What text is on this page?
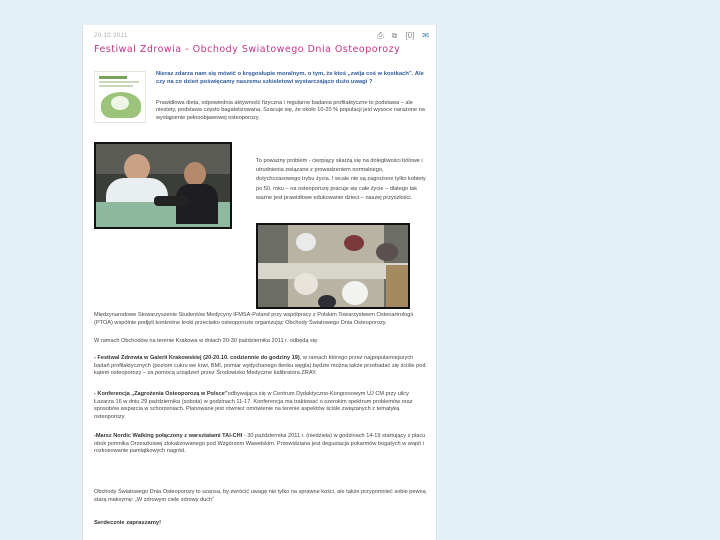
20.10.2011	⎙ ⧉ [0] ✉
Festiwal Zdrowia - Obchody Światowego Dnia Osteoporozy
Nieraz zdarza nam się mówić o kręgosłupie moralnym, o tym, że ktoś „zwija coś w kostkach”. Ale czy na co dzień poświęcamy naszemu szkieletowi wystarczająco dużo uwagi ?
Prawidłowa dieta, odpowiednia aktywność fizyczna i regularne badania profilaktyczne to podstawa – ale niestety, podstawa często bagatelizowana. Szacuje się, że około 10-20 % populacji jest wysoce narażone na wystąpienie pełnoobjawowej osteoporozy.
To poważny problem - cierpiący skarżą się na dolegliwości bólowe i utrudnienia związane z prowadzeniem normalnego, dotychczasowego trybu życia. I wcale nie są zagrożone tylko kobiety po 50. roku – na osteoporozę pracuje się całe życie – dlatego tak ważne jest prawidłowe edukowanie dzieci – naszej przyszłości.
Międzynarodowe Stowarzyszenie Studentów Medycyny IFMSA-Poland przy współpracy z Polskim Towarzystwem Osteoartrologii (PTOA) wspólnie podjęli konkretne kroki przeciwko osteoporozie organizując Obchody Światowego Dnia Osteoporozy.
W ramach Obchodów na terenie Krakowa w dniach 20-30 października 2011 r. odbędą się:
- Festiwal Zdrowia w Galerii Krakowskiej (20-20.10. codziennie do godziny 19), w ramach którego przez najpopularniejszych badań profilaktycznych (poziom cukru we krwi, BMI, pomiar wydychanego tlenku węgla) będzie można także przebadać się ściśle pod kątem osteoporozy – za pomocą urządzeń przez Środowisko Medyczne kalibratora ZRAY.
- Konferencja „Zagrożenia Osteoporozą w Polsce”odbywająca się w Centrum Dydaktyczno-Kongresowym UJ CM przy ulicy Łazarza 16 w dniu 29 października (sobota) w godzinach 11-17. Konferencja ma traktować o szerokim spektrum problemów oraz sposobów wsparcia w schorzeniach. Planowane jest również omówienie na terenie aspektów ściśle związanych z tematyką osteoporozy.
-Marsz Nordic Walking połączony z warsztatami TAI-CHI - 30 października 2011 r. (niedziela) w godzinach 14-19 startujący z placu obok pomnika Orzeszkowej zlokalizowanego pod Wzgórzem Wawelskim. Przewidziana jest degustacja pokarmów bogatych w wapń i rozkosowanie pamiątkowych nagród.
Obchody Światowego Dnia Osteoporozy to szansa, by zwrócić uwagę nie tylko na sprawne kości, ale także przypomnieć sobie pewną starą maksymę: „W zdrowym ciele zdrowy duch”
Serdecznie zapraszamy!
